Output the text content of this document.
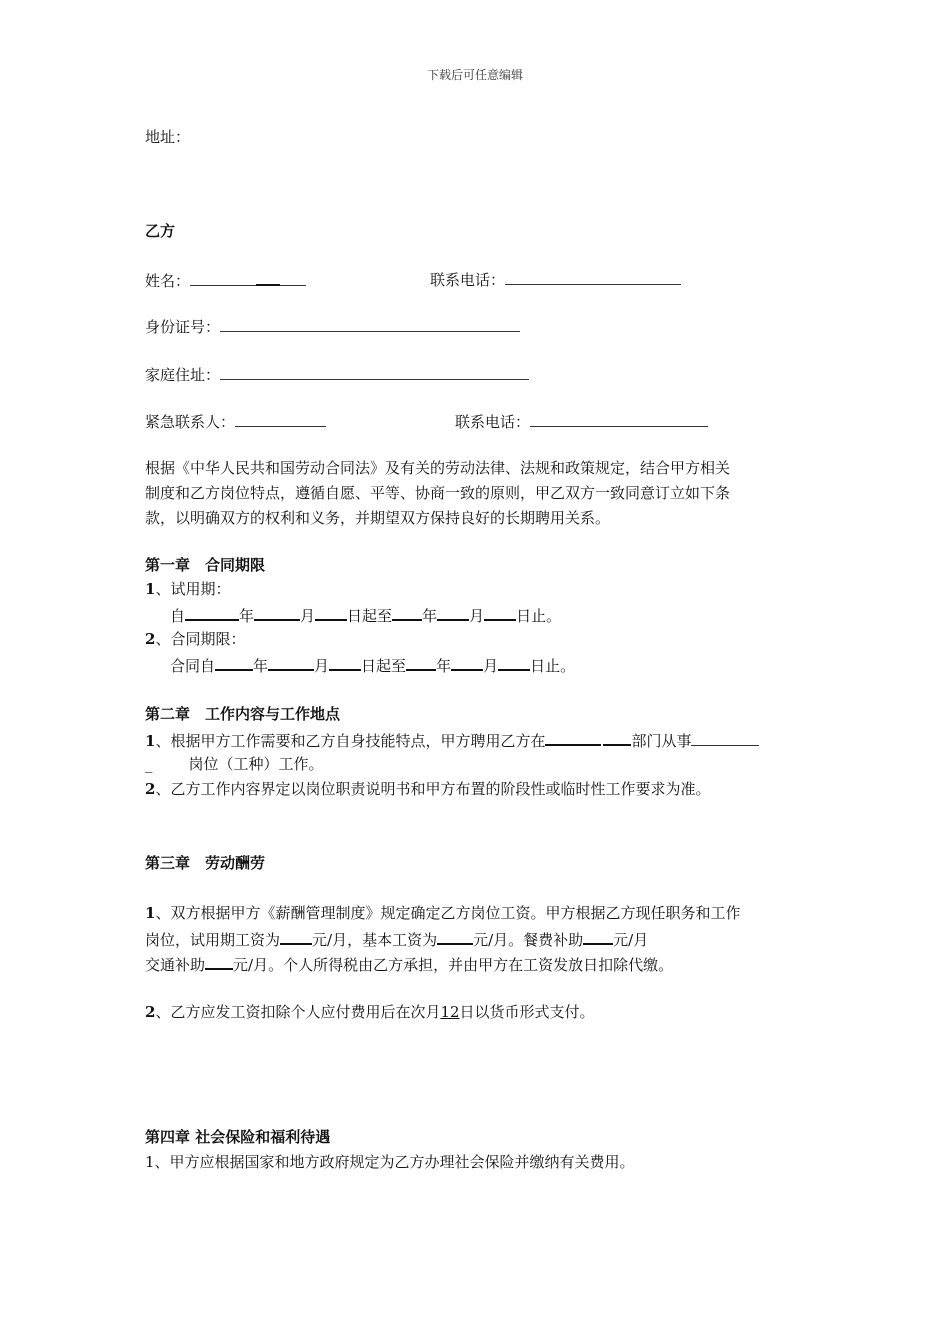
下载后可任意编辑
地址：
乙方
姓名：	联系电话：
身份证号：
家庭住址：
紧急联系人：	联系电话：
根据《中华人民共和国劳动合同法》及有关的劳动法律、法规和政策规定，结合甲方相关
制度和乙方岗位特点，遵循自愿、平等、协商一致的原则，甲乙双方一致同意订立如下条
款，以明确双方的权利和义务，并期望双方保持良好的长期聘用关系。
第一章　合同期限
1、试用期：
自	年	月 日起至 年 月 日止。
2、合同期限：
合同自	年	月 日起至 年 月 日止。
第二章　工作内容与工作地点
1、根据甲方工作需要和乙方自身技能特点，甲方聘用乙方在	部门从事
_ 岗位（工种）工作。
2、乙方工作内容界定以岗位职责说明书和甲方布置的阶段性或临时性工作要求为准。
第三章　劳动酬劳
1、双方根据甲方《薪酬管理制度》规定确定乙方岗位工资。甲方根据乙方现任职务和工作
岗位，试用期工资为 元/月，基本工资为 元/月。餐费补助 元/月
交通补助 元/月。个人所得税由乙方承担，并由甲方在工资发放日扣除代缴。
2、乙方应发工资扣除个人应付费用后在次月12日以货币形式支付。
第四章 社会保险和福利待遇
1、甲方应根据国家和地方政府规定为乙方办理社会保险并缴纳有关费用。
